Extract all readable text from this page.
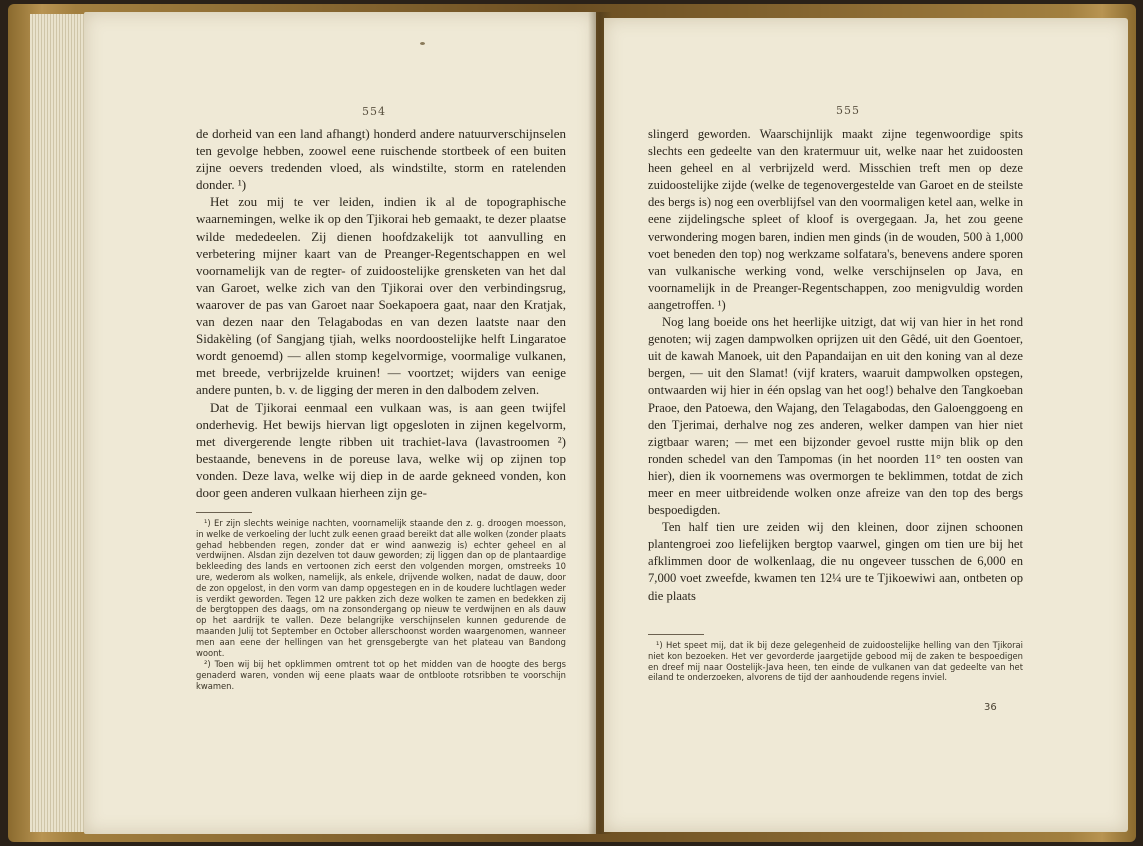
554

de dorheid van een land afhangt) honderd andere natuurverschijnselen ten gevolge hebben, zoowel eene ruischende stortbeek of een buiten zijne oevers tredenden vloed, als windstilte, storm en ratelenden donder. ¹)

Het zou mij te ver leiden, indien ik al de topographische waarnemingen, welke ik op den Tjikorai heb gemaakt, te dezer plaatse wilde mededeelen. Zij dienen hoofdzakelijk tot aanvulling en verbetering mijner kaart van de Preanger-Regentschappen en wel voornamelijk van de regter- of zuidoostelijke grensketen van het dal van Garoet, welke zich van den Tjikorai over den verbindingsrug, waarover de pas van Garoet naar Soekapoera gaat, naar den Kratjak, van dezen naar den Telagabodas en van dezen laatste naar den Sidakèling (of Sangjang tjiah, welks noordoostelijke helft Lingaratoe wordt genoemd) — allen stomp kegelvormige, voormalige vulkanen, met breede, verbrijzelde kruinen! — voortzet; wijders van eenige andere punten, b. v. de ligging der meren in den dalbodem zelven.

Dat de Tjikorai eenmaal een vulkaan was, is aan geen twijfel onderhevig. Het bewijs hiervan ligt opgesloten in zijnen kegelvorm, met divergerende lengte ribben uit trachiet-lava (lavastroomen ²) bestaande, benevens in de poreuse lava, welke wij op zijnen top vonden. Deze lava, welke wij diep in de aarde gekneed vonden, kon door geen anderen vulkaan hierheen zijn ge-

¹) Er zijn slechts weinige nachten, voornamelijk staande den z. g. droogen moesson, in welke de verkoeling der lucht zulk eenen graad bereikt dat alle wolken (zonder plaats gehad hebbenden regen, zonder dat er wind aanwezig is) echter geheel en al verdwijnen. Alsdan zijn dezelven tot dauw geworden; zij liggen dan op de plantaardige bekleeding des lands en vertoonen zich eerst den volgenden morgen, omstreeks 10 ure, wederom als wolken, namelijk, als enkele, drijvende wolken, nadat de dauw, door de zon opgelost, in den vorm van damp opgestegen en in de koudere luchtlagen weder is verdikt geworden. Tegen 12 ure pakken zich deze wolken te zamen en bedekken zij de bergtoppen des daags, om na zonsondergang op nieuw te verdwijnen en als dauw op het aardrijk te vallen. Deze belangrijke verschijnselen kunnen gedurende de maanden Julij tot September en October allerschoonst worden waargenomen, wanneer men aan eene der hellingen van het grensgebergte van het plateau van Bandong woont.

²) Toen wij bij het opklimmen omtrent tot op het midden van de hoogte des bergs genaderd waren, vonden wij eene plaats waar de ontbloote rotsribben te voorschijn kwamen.

555

slingerd geworden. Waarschijnlijk maakt zijne tegenwoordige spits slechts een gedeelte van den kratermuur uit, welke naar het zuidoosten heen geheel en al verbrijzeld werd. Misschien treft men op deze zuidoostelijke zijde (welke de tegenovergestelde van Garoet en de steilste des bergs is) nog een overblijfsel van den voormaligen ketel aan, welke in eene zijdelingsche spleet of kloof is overgegaan. Ja, het zou geene verwondering mogen baren, indien men ginds (in de wouden, 500 à 1,000 voet beneden den top) nog werkzame solfatara's, benevens andere sporen van vulkanische werking vond, welke verschijnselen op Java, en voornamelijk in de Preanger-Regentschappen, zoo menigvuldig worden aangetroffen. ¹)

Nog lang boeide ons het heerlijke uitzigt, dat wij van hier in het rond genoten; wij zagen dampwolken oprijzen uit den Gêdé, uit den Goentoer, uit de kawah Manoek, uit den Papandaijan en uit den koning van al deze bergen, — uit den Slamat! (vijf kraters, waaruit dampwolken opstegen, ontwaarden wij hier in één opslag van het oog!) behalve den Tangkoeban Praoe, den Patoewa, den Wajang, den Telagabodas, den Galoenggoeng en den Tjerimai, derhalve nog zes anderen, welker dampen van hier niet zigtbaar waren; — met een bijzonder gevoel rustte mijn blik op den ronden schedel van den Tampomas (in het noorden 11° ten oosten van hier), dien ik voornemens was overmorgen te beklimmen, totdat de zich meer en meer uitbreidende wolken onze afreize van den top des bergs bespoedigden.

Ten half tien ure zeiden wij den kleinen, door zijnen schoonen plantengroei zoo liefelijken bergtop vaarwel, gingen om tien ure bij het afklimmen door de wolkenlaag, die nu ongeveer tusschen de 6,000 en 7,000 voet zweefde, kwamen ten 12¼ ure te Tjikoewiwi aan, ontbeten op die plaats

¹) Het speet mij, dat ik bij deze gelegenheid de zuidoostelijke helling van den Tjikorai niet kon bezoeken. Het ver gevorderde jaargetijde gebood mij de zaken te bespoedigen en dreef mij naar Oostelijk-Java heen, ten einde de vulkanen van dat gedeelte van het eiland te onderzoeken, alvorens de tijd der aanhoudende regens inviel.

36
